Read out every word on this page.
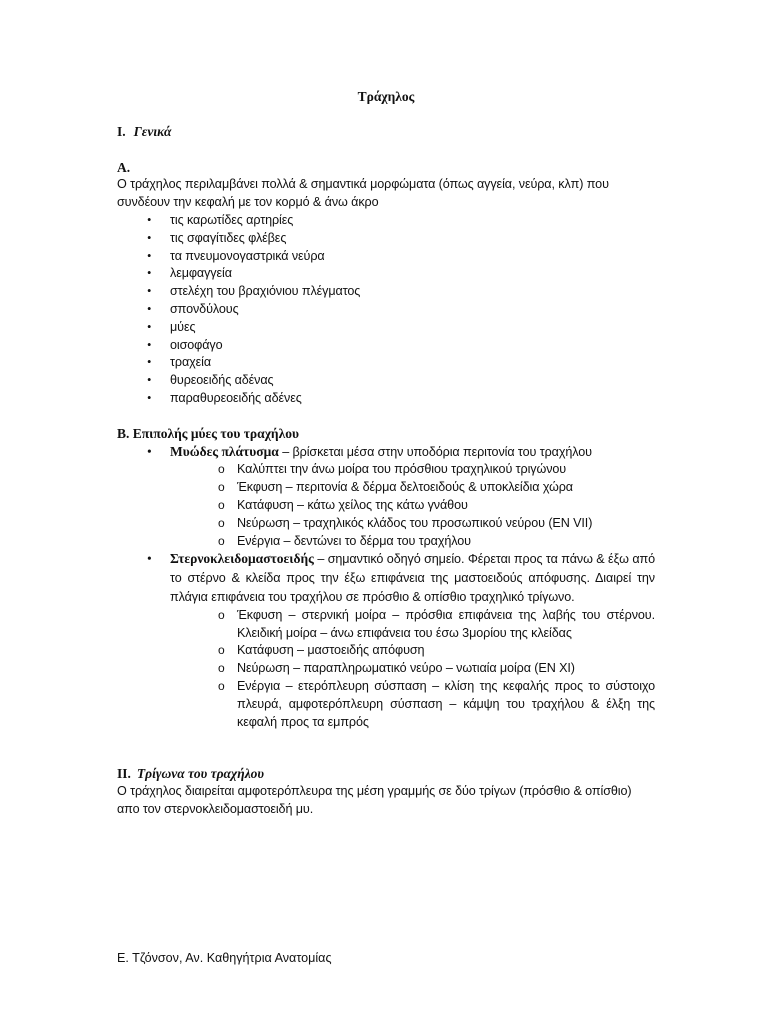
Τράχηλος
I. Γενικά
Α.

Ο τράχηλος περιλαμβάνει πολλά & σημαντικά μορφώματα (όπως αγγεία, νεύρα, κλπ) που συνδέουν την κεφαλή με τον κορμό & άνω άκρο

• τις καρωτίδες αρτηρίες
• τις σφαγίτιδες φλέβες
• τα πνευμονογαστρικά νεύρα
• λεμφαγγεία
• στελέχη του βραχιόνιου πλέγματος
• σπονδύλους
• μύες
• οισοφάγο
• τραχεία
• θυρεοειδής αδένας
• παραθυρεοειδής αδένες
Β. Επιπολής μύες του τραχήλου
• Μυώδες πλάτυσμα – βρίσκεται μέσα στην υποδόρια περιτονία του τραχήλου
o Καλύπτει την άνω μοίρα του πρόσθιου τραχηλικού τριγώνου
o Έκφυση – περιτονία & δέρμα δελτοειδούς & υποκλείδια χώρα
o Κατάφυση – κάτω χείλος της κάτω γνάθου
o Νεύρωση – τραχηλικός κλάδος του προσωπικού νεύρου (ΕΝ VII)
o Ενέργια – δεντώνει το δέρμα του τραχήλου
• Στερνοκλειδομαστοειδής – σημαντικό οδηγό σημείο. Φέρεται προς τα πάνω & έξω από το στέρνο & κλείδα προς την έξω επιφάνεια της μαστοειδούς απόφυσης. Διαιρεί την πλάγια επιφάνεια του τραχήλου σε πρόσθιο & οπίσθιο τραχηλικό τρίγωνο.
o Έκφυση – στερνική μοίρα – πρόσθια επιφάνεια της λαβής του στέρνου. Κλειδική μοίρα – άνω επιφάνεια του έσω 3μορίου της κλείδας
o Κατάφυση – μαστοειδής απόφυση
o Νεύρωση – παραπληρωματικό νεύρο – νωτιαία μοίρα (ΕΝ XI)
o Ενέργια – ετερόπλευρη σύσπαση – κλίση της κεφαλής προς το σύστοιχο πλευρά, αμφοτερόπλευρη σύσπαση – κάμψη του τραχήλου & έλξη της κεφαλή προς τα εμπρός
II. Τρίγωνα του τραχήλου

Ο τράχηλος διαιρείται αμφοτερόπλευρα της μέση γραμμής σε δύο τρίγων (πρόσθιο & οπίσθιο) απο τον στερνοκλειδομαστοειδή μυ.

Ε. Τζόνσον, Αν. Καθηγήτρια Ανατομίας
